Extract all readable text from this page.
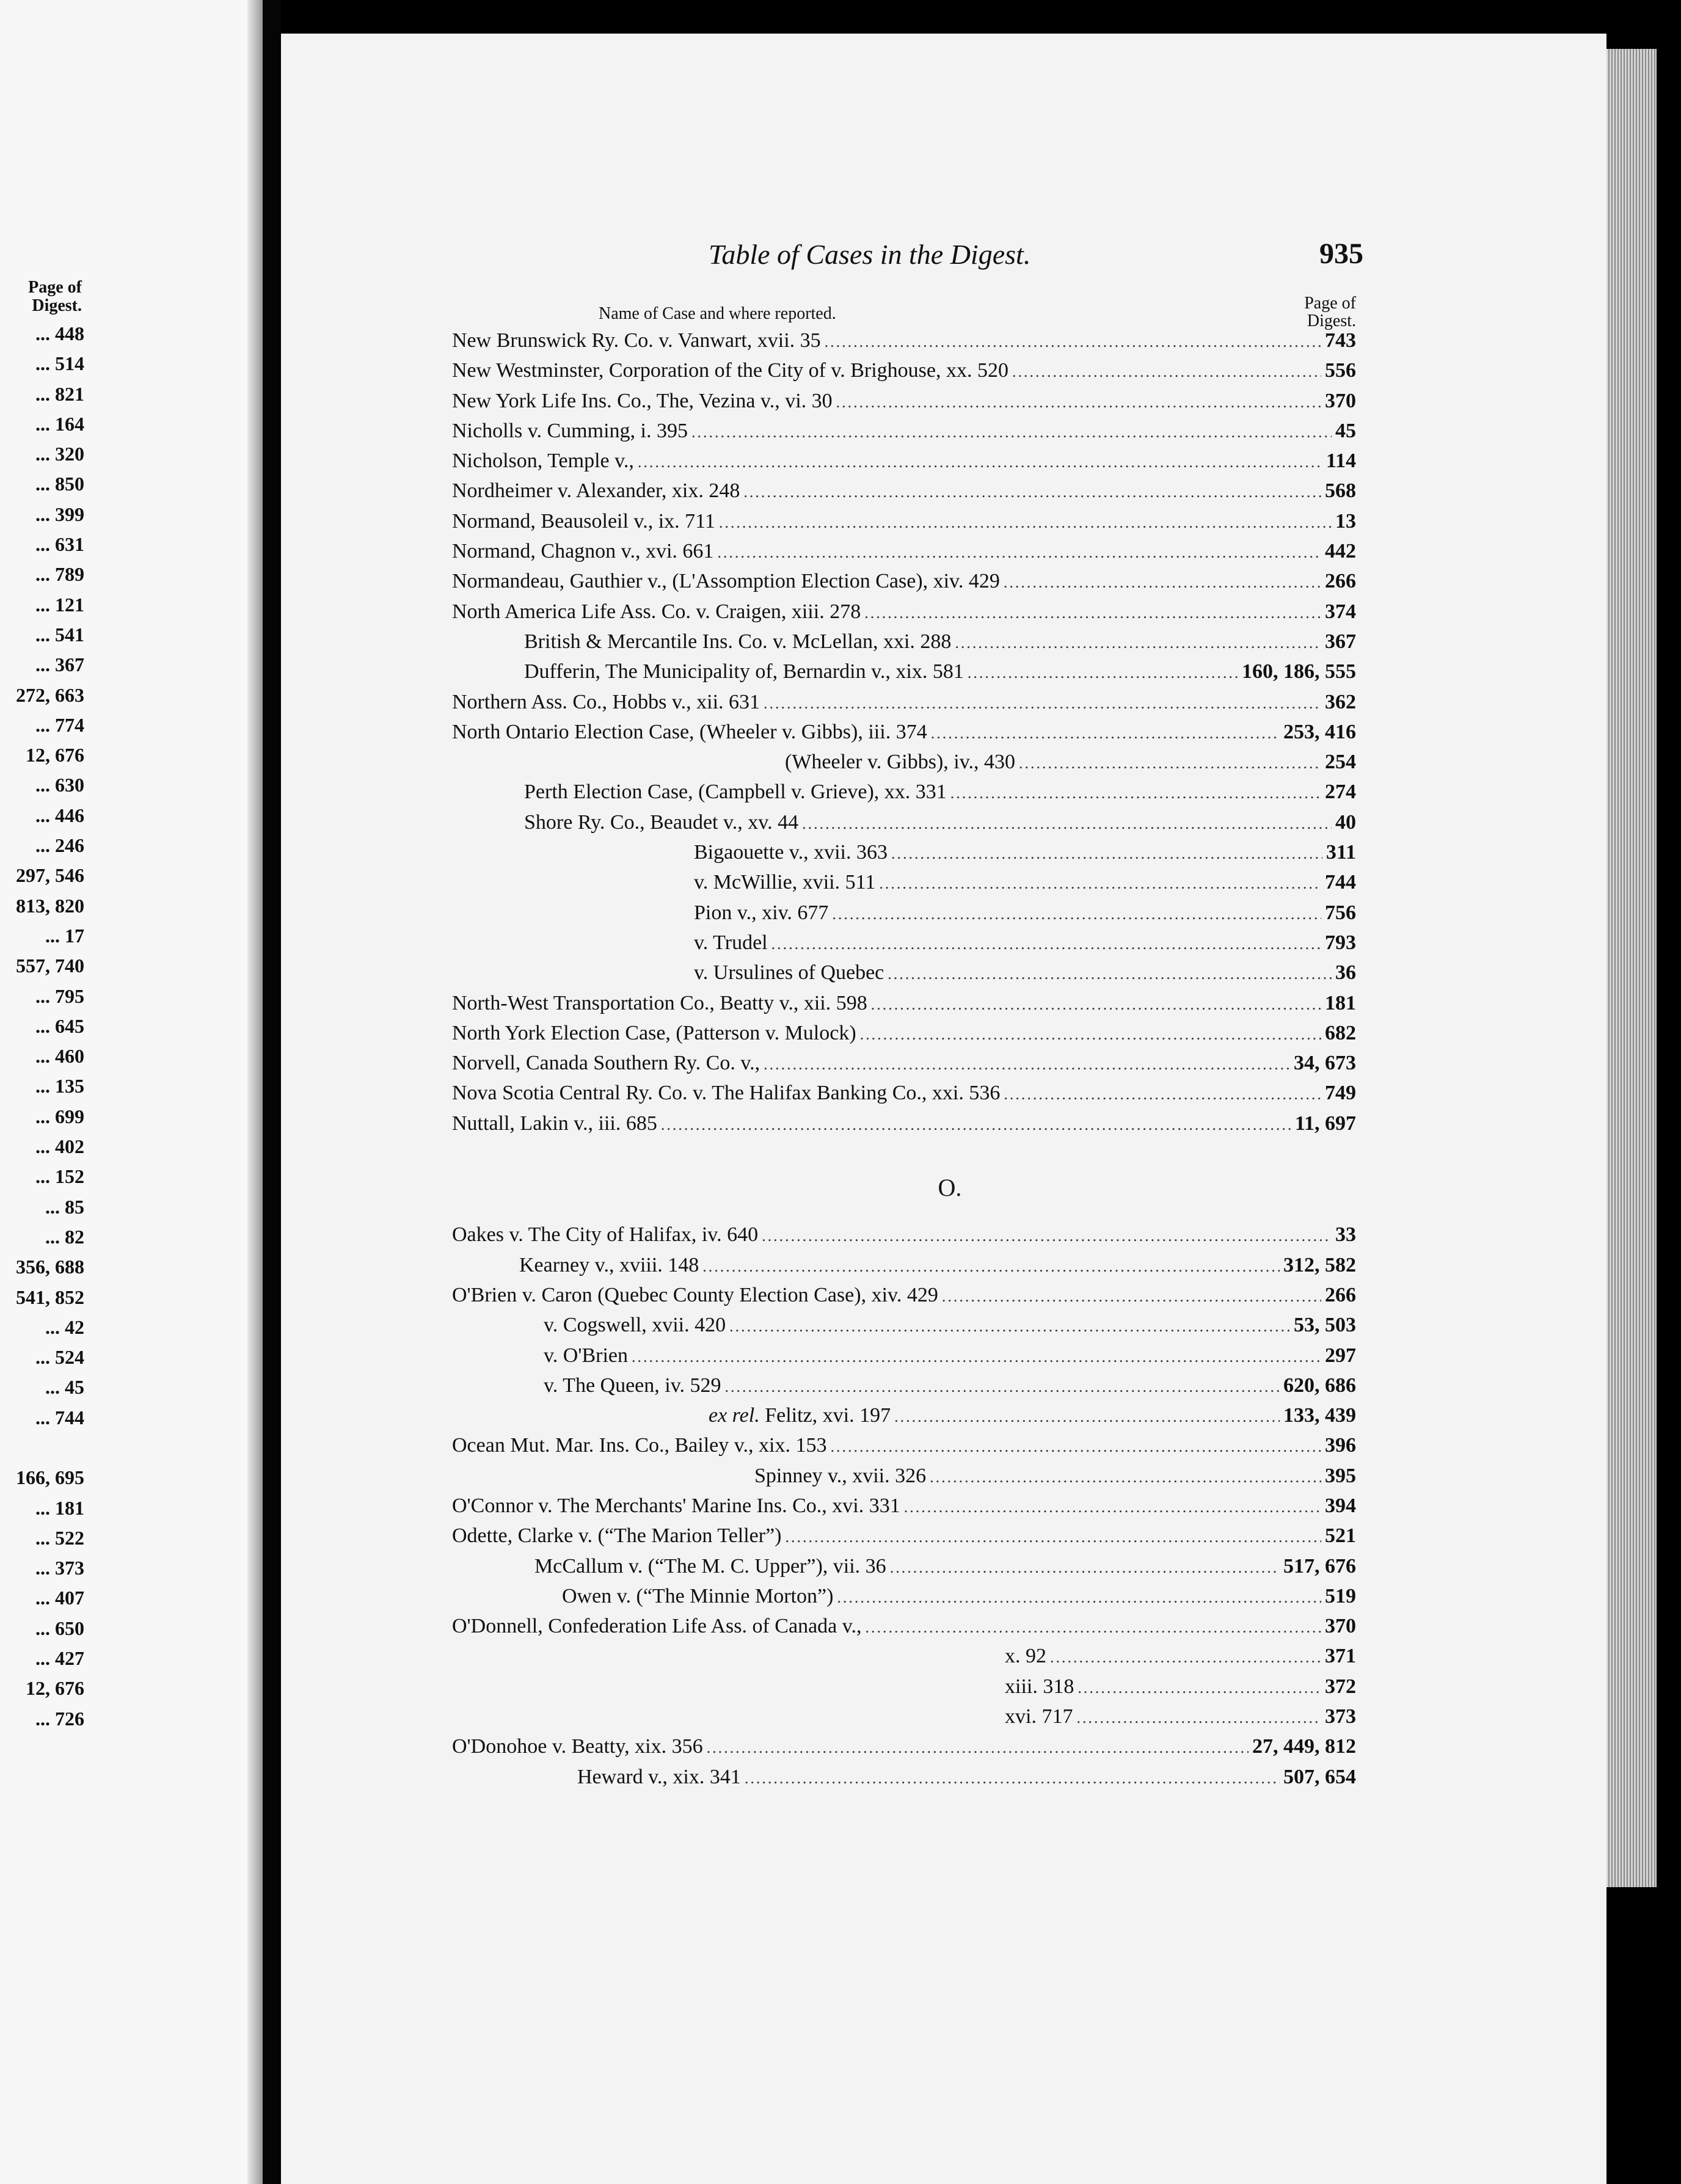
Page of
Digest.
... 448
... 514
... 821
... 164
... 320
... 850
... 399
... 631
... 789
... 121
... 541
... 367
272, 663
... 774
12, 676
... 630
... 446
... 246
297, 546
813, 820
... 17
557, 740
... 795
... 645
... 460
... 135
... 699
... 402
... 152
... 85
... 82
356, 688
541, 852
... 42
... 524
... 45
... 744
166, 695
... 181
... 522
... 373
... 407
... 650
... 427
12, 676
... 726
Table of Cases in the Digest.	935
Name of Case and where reported.
Page of
Digest.
New Brunswick Ry. Co. v. Vanwart, xvii. 35 .....	743
New Westminster, Corporation of the City of v. Brighouse, xx. 520 .....	556
New York Life Ins. Co., The, Vezina v., vi. 30 .....	370
Nicholls v. Cumming, i. 395 .....	45
Nicholson, Temple v., .....	114
Nordheimer v. Alexander, xix. 248 .....	568
Normand, Beausoleil v., ix. 711 .....	13
Normand, Chagnon v., xvi. 661 .....	442
Normandeau, Gauthier v., (L'Assomption Election Case), xiv. 429 .....	266
North America Life Ass. Co. v. Craigen, xiii. 278 .....	374
British & Mercantile Ins. Co. v. McLellan, xxi. 288 .....	367
Dufferin, The Municipality of, Bernardin v., xix. 581 .....	160, 186, 555
Northern Ass. Co., Hobbs v., xii. 631 .....	362
North Ontario Election Case, (Wheeler v. Gibbs), iii. 374 .....	253, 416
(Wheeler v. Gibbs), iv., 430 .....	254
Perth Election Case, (Campbell v. Grieve), xx. 331 .....	274
Shore Ry. Co., Beaudet v., xv. 44 .....	40
Bigaouette v., xvii. 363 .....	311
v. McWillie, xvii. 511 .....	744
Pion v., xiv. 677 .....	756
v. Trudel .....	793
v. Ursulines of Quebec .....	36
North-West Transportation Co., Beatty v., xii. 598 .....	181
North York Election Case, (Patterson v. Mulock) .....	682
Norvell, Canada Southern Ry. Co. v., .....	34, 673
Nova Scotia Central Ry. Co. v. The Halifax Banking Co., xxi. 536 .....	749
Nuttall, Lakin v., iii. 685 .....	11, 697
O.
Oakes v. The City of Halifax, iv. 640 .....	33
Kearney v., xviii. 148 .....	312, 582
O'Brien v. Caron (Quebec County Election Case), xiv. 429 .....	266
v. Cogswell, xvii. 420 .....	53, 503
v. O'Brien .....	297
v. The Queen, iv. 529 .....	620, 686
ex rel. Felitz, xvi. 197 .....	133, 439
Ocean Mut. Mar. Ins. Co., Bailey v., xix. 153 .....	396
Spinney v., xvii. 326 .....	395
O'Connor v. The Merchants' Marine Ins. Co., xvi. 331 .....	394
Odette, Clarke v. (“The Marion Teller”) .....	521
McCallum v. (“The M. C. Upper”), vii. 36 .....	517, 676
Owen v. (“The Minnie Morton”) .....	519
O'Donnell, Confederation Life Ass. of Canada v., .....	370
x. 92 .....	371
xiii. 318 .....	372
xvi. 717 .....	373
O'Donohoe v. Beatty, xix. 356 .....	27, 449, 812
Heward v., xix. 341 .....	507, 654
